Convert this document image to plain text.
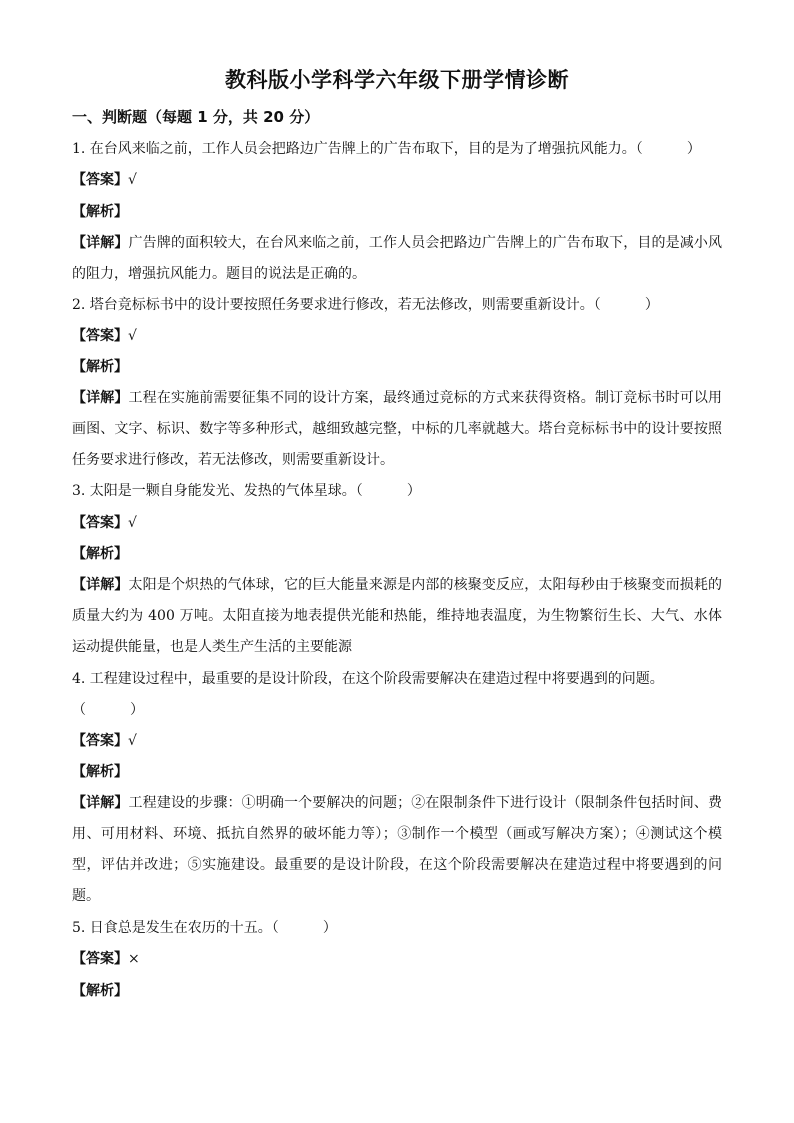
教科版小学科学六年级下册学情诊断
一、判断题（每题 1 分，共 20 分）
1. 在台风来临之前，工作人员会把路边广告牌上的广告布取下，目的是为了增强抗风能力。（	）
【答案】√
【解析】
【详解】广告牌的面积较大，在台风来临之前，工作人员会把路边广告牌上的广告布取下，目的是减小风的阻力，增强抗风能力。题目的说法是正确的。
2. 塔台竞标标书中的设计要按照任务要求进行修改，若无法修改，则需要重新设计。（	）
【答案】√
【解析】
【详解】工程在实施前需要征集不同的设计方案，最终通过竞标的方式来获得资格。制订竞标书时可以用画图、文字、标识、数字等多种形式，越细致越完整，中标的几率就越大。塔台竞标标书中的设计要按照任务要求进行修改，若无法修改，则需要重新设计。
3. 太阳是一颗自身能发光、发热的气体星球。（	）
【答案】√
【解析】
【详解】太阳是个炽热的气体球，它的巨大能量来源是内部的核聚变反应，太阳每秒由于核聚变而损耗的质量大约为 400 万吨。太阳直接为地表提供光能和热能，维持地表温度，为生物繁衍生长、大气、水体运动提供能量，也是人类生产生活的主要能源
4. 工程建设过程中，最重要的是设计阶段，在这个阶段需要解决在建造过程中将要遇到的问题。
（	）
【答案】√
【解析】
【详解】工程建设的步骤：①明确一个要解决的问题；②在限制条件下进行设计（限制条件包括时间、费用、可用材料、环境、抵抗自然界的破坏能力等）；③制作一个模型（画或写解决方案）；④测试这个模型，评估并改进；⑤实施建设。最重要的是设计阶段，在这个阶段需要解决在建造过程中将要遇到的问题。
5. 日食总是发生在农历的十五。（	）
【答案】×
【解析】
